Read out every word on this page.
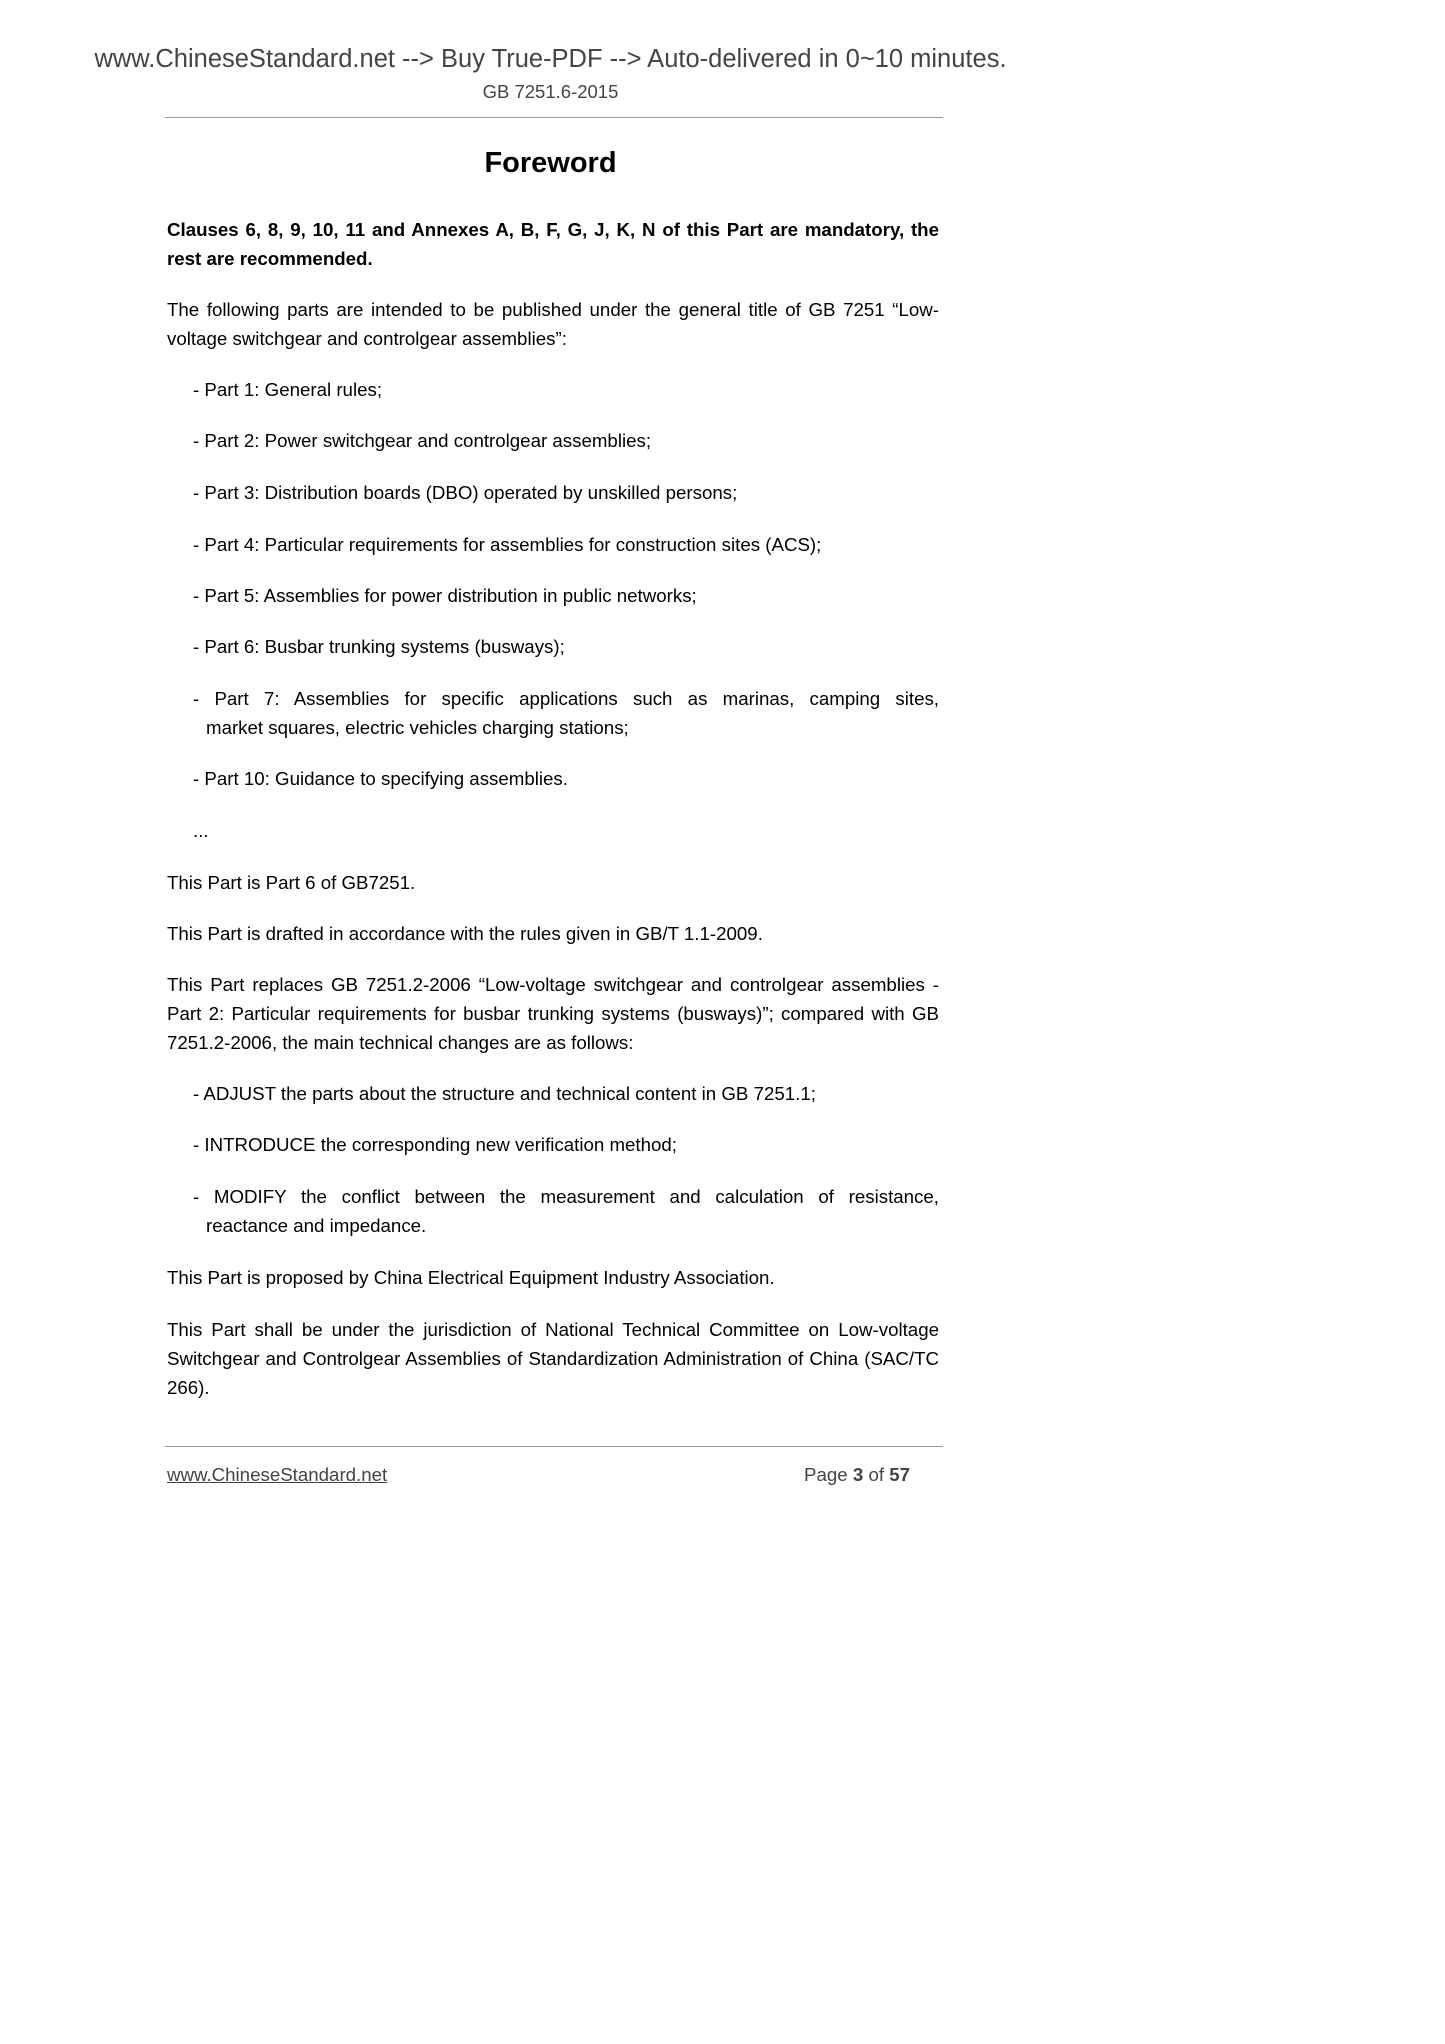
www.ChineseStandard.net --> Buy True-PDF --> Auto-delivered in 0~10 minutes.
GB 7251.6-2015
Foreword
Clauses 6, 8, 9, 10, 11 and Annexes A, B, F, G, J, K, N of this Part are mandatory, the rest are recommended.
The following parts are intended to be published under the general title of GB 7251 “Low-voltage switchgear and controlgear assemblies”:
- Part 1: General rules;
- Part 2: Power switchgear and controlgear assemblies;
- Part 3: Distribution boards (DBO) operated by unskilled persons;
- Part 4: Particular requirements for assemblies for construction sites (ACS);
- Part 5: Assemblies for power distribution in public networks;
- Part 6: Busbar trunking systems (busways);
- Part 7: Assemblies for specific applications such as marinas, camping sites,
market squares, electric vehicles charging stations;
- Part 10: Guidance to specifying assemblies.
...
This Part is Part 6 of GB7251.
This Part is drafted in accordance with the rules given in GB/T 1.1-2009.
This Part replaces GB 7251.2-2006 “Low-voltage switchgear and controlgear assemblies - Part 2: Particular requirements for busbar trunking systems (busways)”; compared with GB 7251.2-2006, the main technical changes are as follows:
- ADJUST the parts about the structure and technical content in GB 7251.1;
- INTRODUCE the corresponding new verification method;
- MODIFY the conflict between the measurement and calculation of resistance,
reactance and impedance.
This Part is proposed by China Electrical Equipment Industry Association.
This Part shall be under the jurisdiction of National Technical Committee on Low-voltage Switchgear and Controlgear Assemblies of Standardization Administration of China (SAC/TC 266).
www.ChineseStandard.net	Page 3 of 57
